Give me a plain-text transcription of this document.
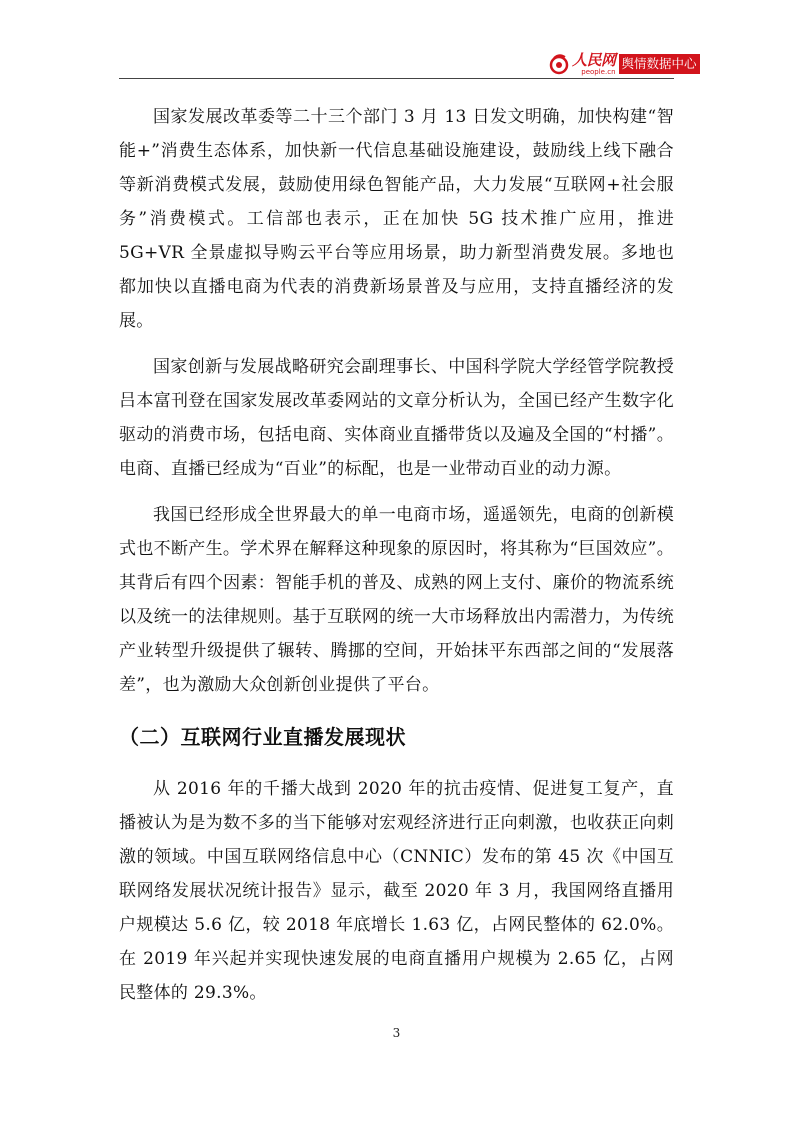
人民网
people.cn
舆情数据中心

国家发展改革委等二十三个部门 3 月 13 日发文明确，加快构建“智能+”消费生态体系，加快新一代信息基础设施建设，鼓励线上线下融合等新消费模式发展，鼓励使用绿色智能产品，大力发展“互联网+社会服务”消费模式。工信部也表示，正在加快 5G 技术推广应用，推进 5G+VR 全景虚拟导购云平台等应用场景，助力新型消费发展。多地也都加快以直播电商为代表的消费新场景普及与应用，支持直播经济的发展。

国家创新与发展战略研究会副理事长、中国科学院大学经管学院教授吕本富刊登在国家发展改革委网站的文章分析认为，全国已经产生数字化驱动的消费市场，包括电商、实体商业直播带货以及遍及全国的“村播”。电商、直播已经成为“百业”的标配，也是一业带动百业的动力源。

我国已经形成全世界最大的单一电商市场，遥遥领先，电商的创新模式也不断产生。学术界在解释这种现象的原因时，将其称为“巨国效应”。其背后有四个因素：智能手机的普及、成熟的网上支付、廉价的物流系统以及统一的法律规则。基于互联网的统一大市场释放出内需潜力，为传统产业转型升级提供了辗转、腾挪的空间，开始抹平东西部之间的“发展落差”，也为激励大众创新创业提供了平台。

（二）互联网行业直播发展现状

从 2016 年的千播大战到 2020 年的抗击疫情、促进复工复产，直播被认为是为数不多的当下能够对宏观经济进行正向刺激，也收获正向刺激的领域。中国互联网络信息中心（CNNIC）发布的第 45 次《中国互联网络发展状况统计报告》显示，截至 2020 年 3 月，我国网络直播用户规模达 5.6 亿，较 2018 年底增长 1.63 亿，占网民整体的 62.0%。在 2019 年兴起并实现快速发展的电商直播用户规模为 2.65 亿，占网民整体的 29.3%。

3
